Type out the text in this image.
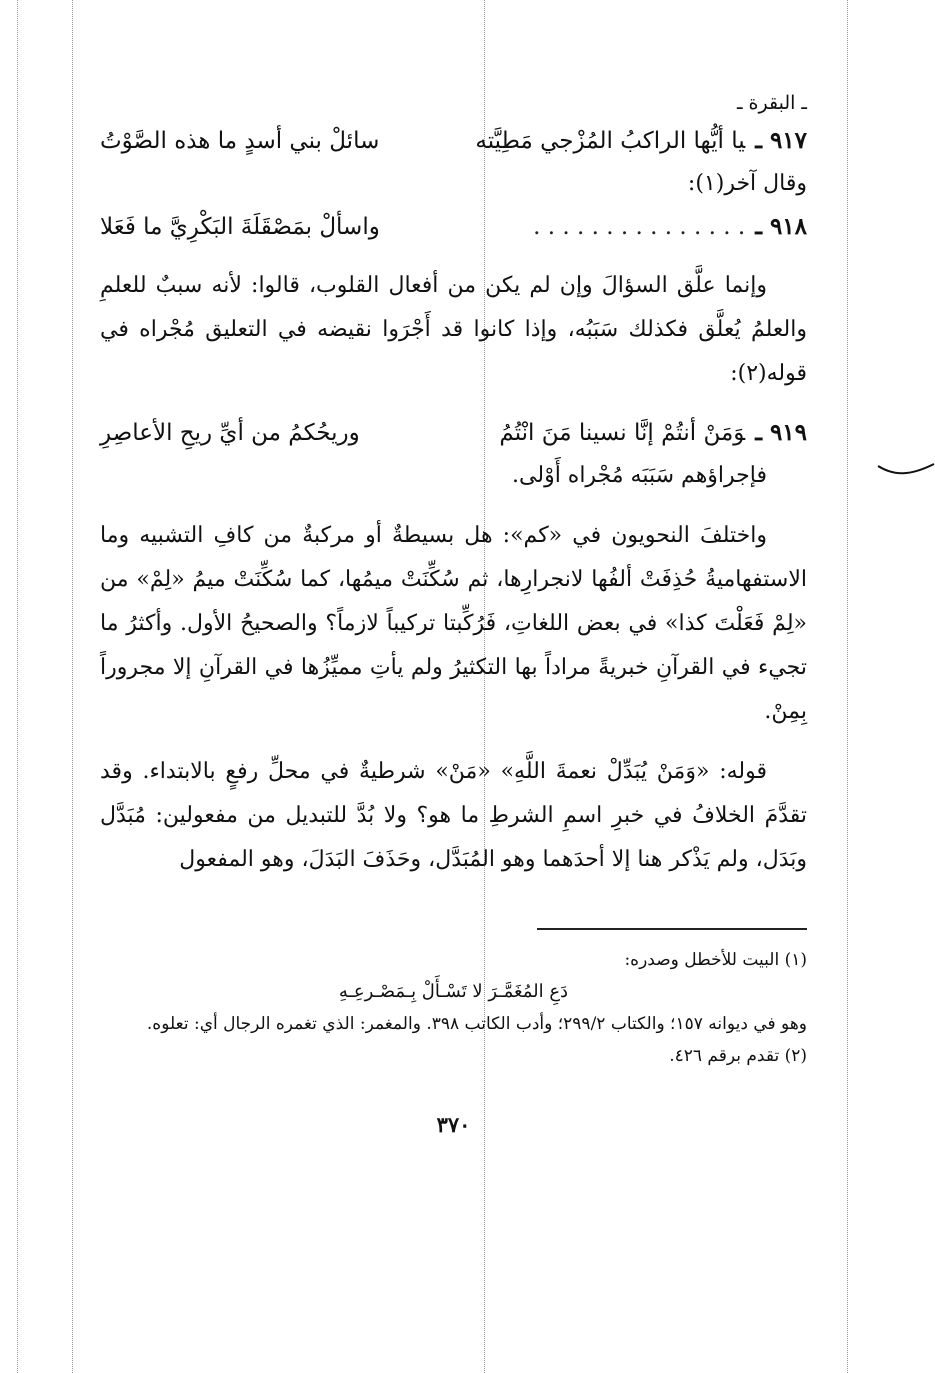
ـ البقرة ـ
٩١٧ ـيا أيُّها الراكبُ المُزْجي مَطِيَّته
سائلْ بني أسدٍ ما هذه الصَّوْتُ

وقال آخر(١):

٩١٨ ـ. . . . . . . . . . . . . . .
واسألْ بمَصْقَلَةَ البَكْرِيَّ ما فَعَلا

وإنما علَّق السؤالَ وإن لم يكن من أفعال القلوب، قالوا: لأنه سببٌ للعلمِ والعلمُ يُعلَّق فكذلك سَبَبُه، وإذا كانوا قد أَجْرَوا نقيضه في التعليق مُجْراه في قوله(٢):

٩١٩ ـوَمَنْ أنتُمْ إنَّا نسينا مَنَ انْتُمُ
وريحُكمُ من أيِّ ريحِ الأعاصِرِ

فإجراؤهم سَبَبَه مُجْراه أَوْلى.

واختلفَ النحويون في «كم»: هل بسيطةٌ أو مركبةٌ من كافِ التشبيه وما الاستفهاميةُ حُذِفَتْ ألفُها لانجرارِها، ثم سُكِّنَتْ ميمُها، كما سُكِّنَتْ ميمُ «لِمْ» من «لِمْ فَعَلْتَ كذا» في بعض اللغاتِ، فَرُكِّبتا تركيباً لازماً؟ والصحيحُ الأول. وأكثرُ ما تجيء في القرآنِ خبريةً مراداً بها التكثيرُ ولم يأتِ مميِّزُها في القرآنِ إلا مجروراً بِمِنْ.

قوله: «وَمَنْ يُبَدِّلْ نعمةَ اللَّهِ» «مَنْ» شرطيةٌ في محلِّ رفعٍ بالابتداء. وقد تقدَّمَ الخلافُ في خبرِ اسمِ الشرطِ ما هو؟ ولا بُدَّ للتبديل من مفعولين: مُبَدَّل وبَدَل، ولم يَذْكر هنا إلا أحدَهما وهو المُبَدَّل، وحَذَفَ البَدَلَ، وهو المفعول

(١) البيت للأخطل وصدره:
دَعِ المُغَمَّـرَ لا تَسْـأَلْ بِـمَصْـرعِـهِ
وهو في ديوانه ١٥٧؛ والكتاب ٢٩٩/٢؛ وأدب الكاتب ٣٩٨. والمغمر: الذي تغمره الرجال أي: تعلوه.
(٢) تقدم برقم ٤٢٦.
٣٧٠
